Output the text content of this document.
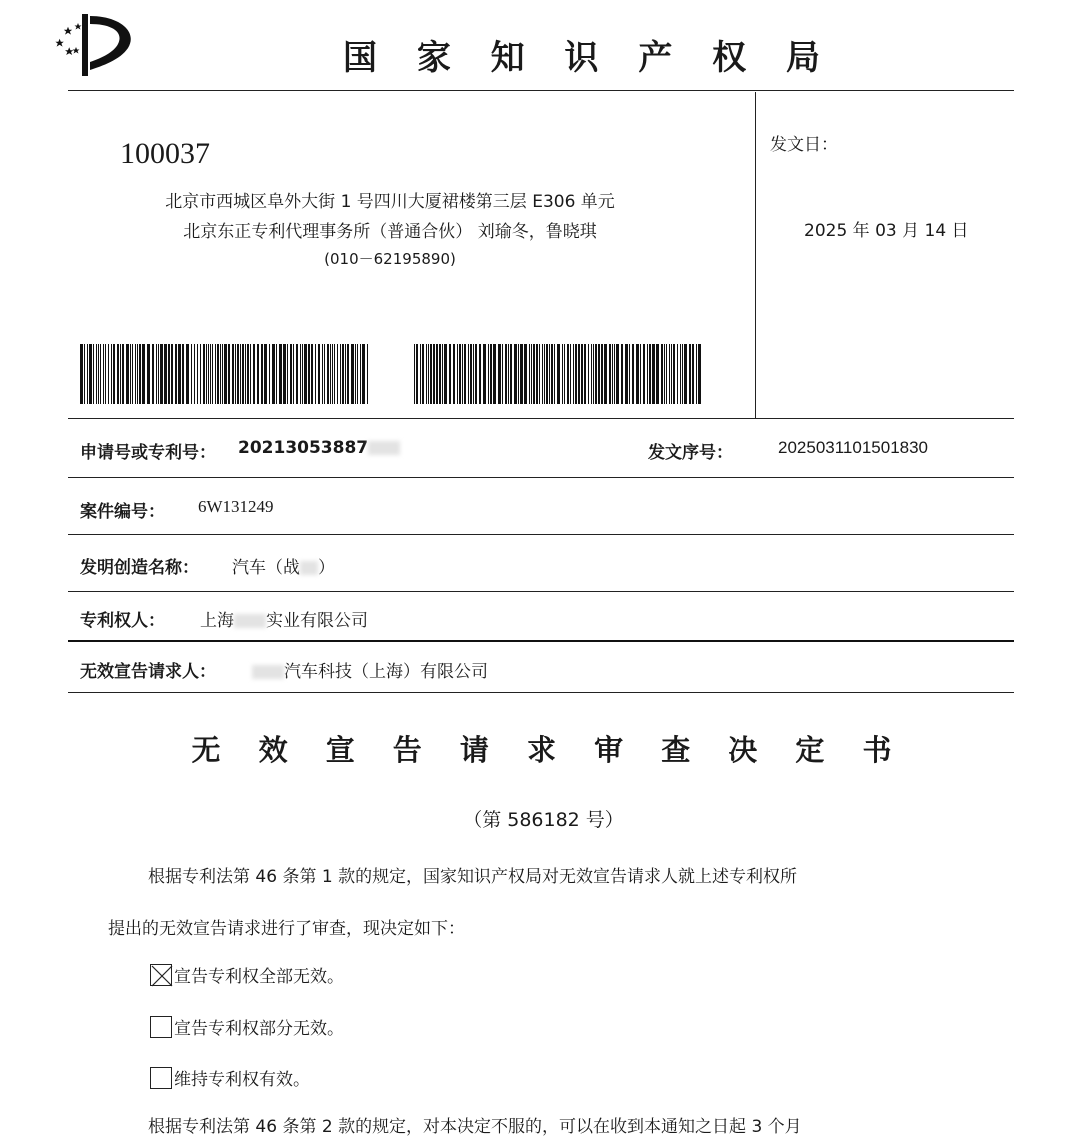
国 家 知 识 产 权 局
100037
北京市西城区阜外大街 1 号四川大厦裙楼第三层 E306 单元
北京东正专利代理事务所（普通合伙） 刘瑜冬，鲁晓琪
(010－62195890)
发文日：
2025 年 03 月 14 日
申请号或专利号： 20213053887	发文序号：	2025031101501830
案件编号： 6W131249
发明创造名称： 汽车（战 ）
专利权人： 上海 实业有限公司
无效宣告请求人：	汽车科技（上海）有限公司
无 效 宣 告 请 求 审 查 决 定 书
（第 586182 号）
根据专利法第 46 条第 1 款的规定，国家知识产权局对无效宣告请求人就上述专利权所
提出的无效宣告请求进行了审查，现决定如下：
宣告专利权全部无效。
宣告专利权部分无效。
维持专利权有效。
根据专利法第 46 条第 2 款的规定，对本决定不服的，可以在收到本通知之日起 3 个月
